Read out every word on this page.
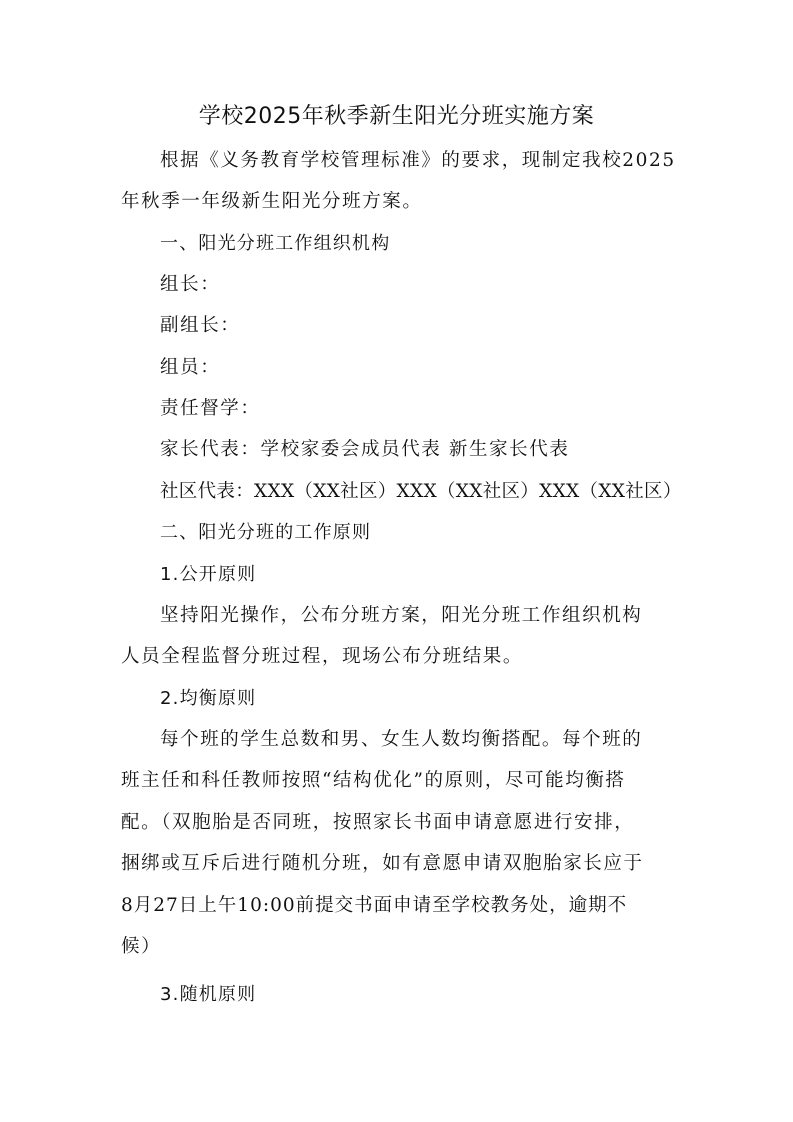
学校2025年秋季新生阳光分班实施方案
根据《义务教育学校管理标准》的要求，现制定我校2025
年秋季一年级新生阳光分班方案。
一、阳光分班工作组织机构
组长：
副组长：
组员：
责任督学：
家长代表：学校家委会成员代表 新生家长代表
社区代表：XXX（XX社区）XXX（XX社区）XXX（XX社区）
二、阳光分班的工作原则
1.公开原则
坚持阳光操作，公布分班方案，阳光分班工作组织机构
人员全程监督分班过程，现场公布分班结果。
2.均衡原则
每个班的学生总数和男、女生人数均衡搭配。每个班的
班主任和科任教师按照“结构优化”的原则，尽可能均衡搭
配。（双胞胎是否同班，按照家长书面申请意愿进行安排，
捆绑或互斥后进行随机分班，如有意愿申请双胞胎家长应于
8月27日上午10:00前提交书面申请至学校教务处，逾期不
候）
3.随机原则
